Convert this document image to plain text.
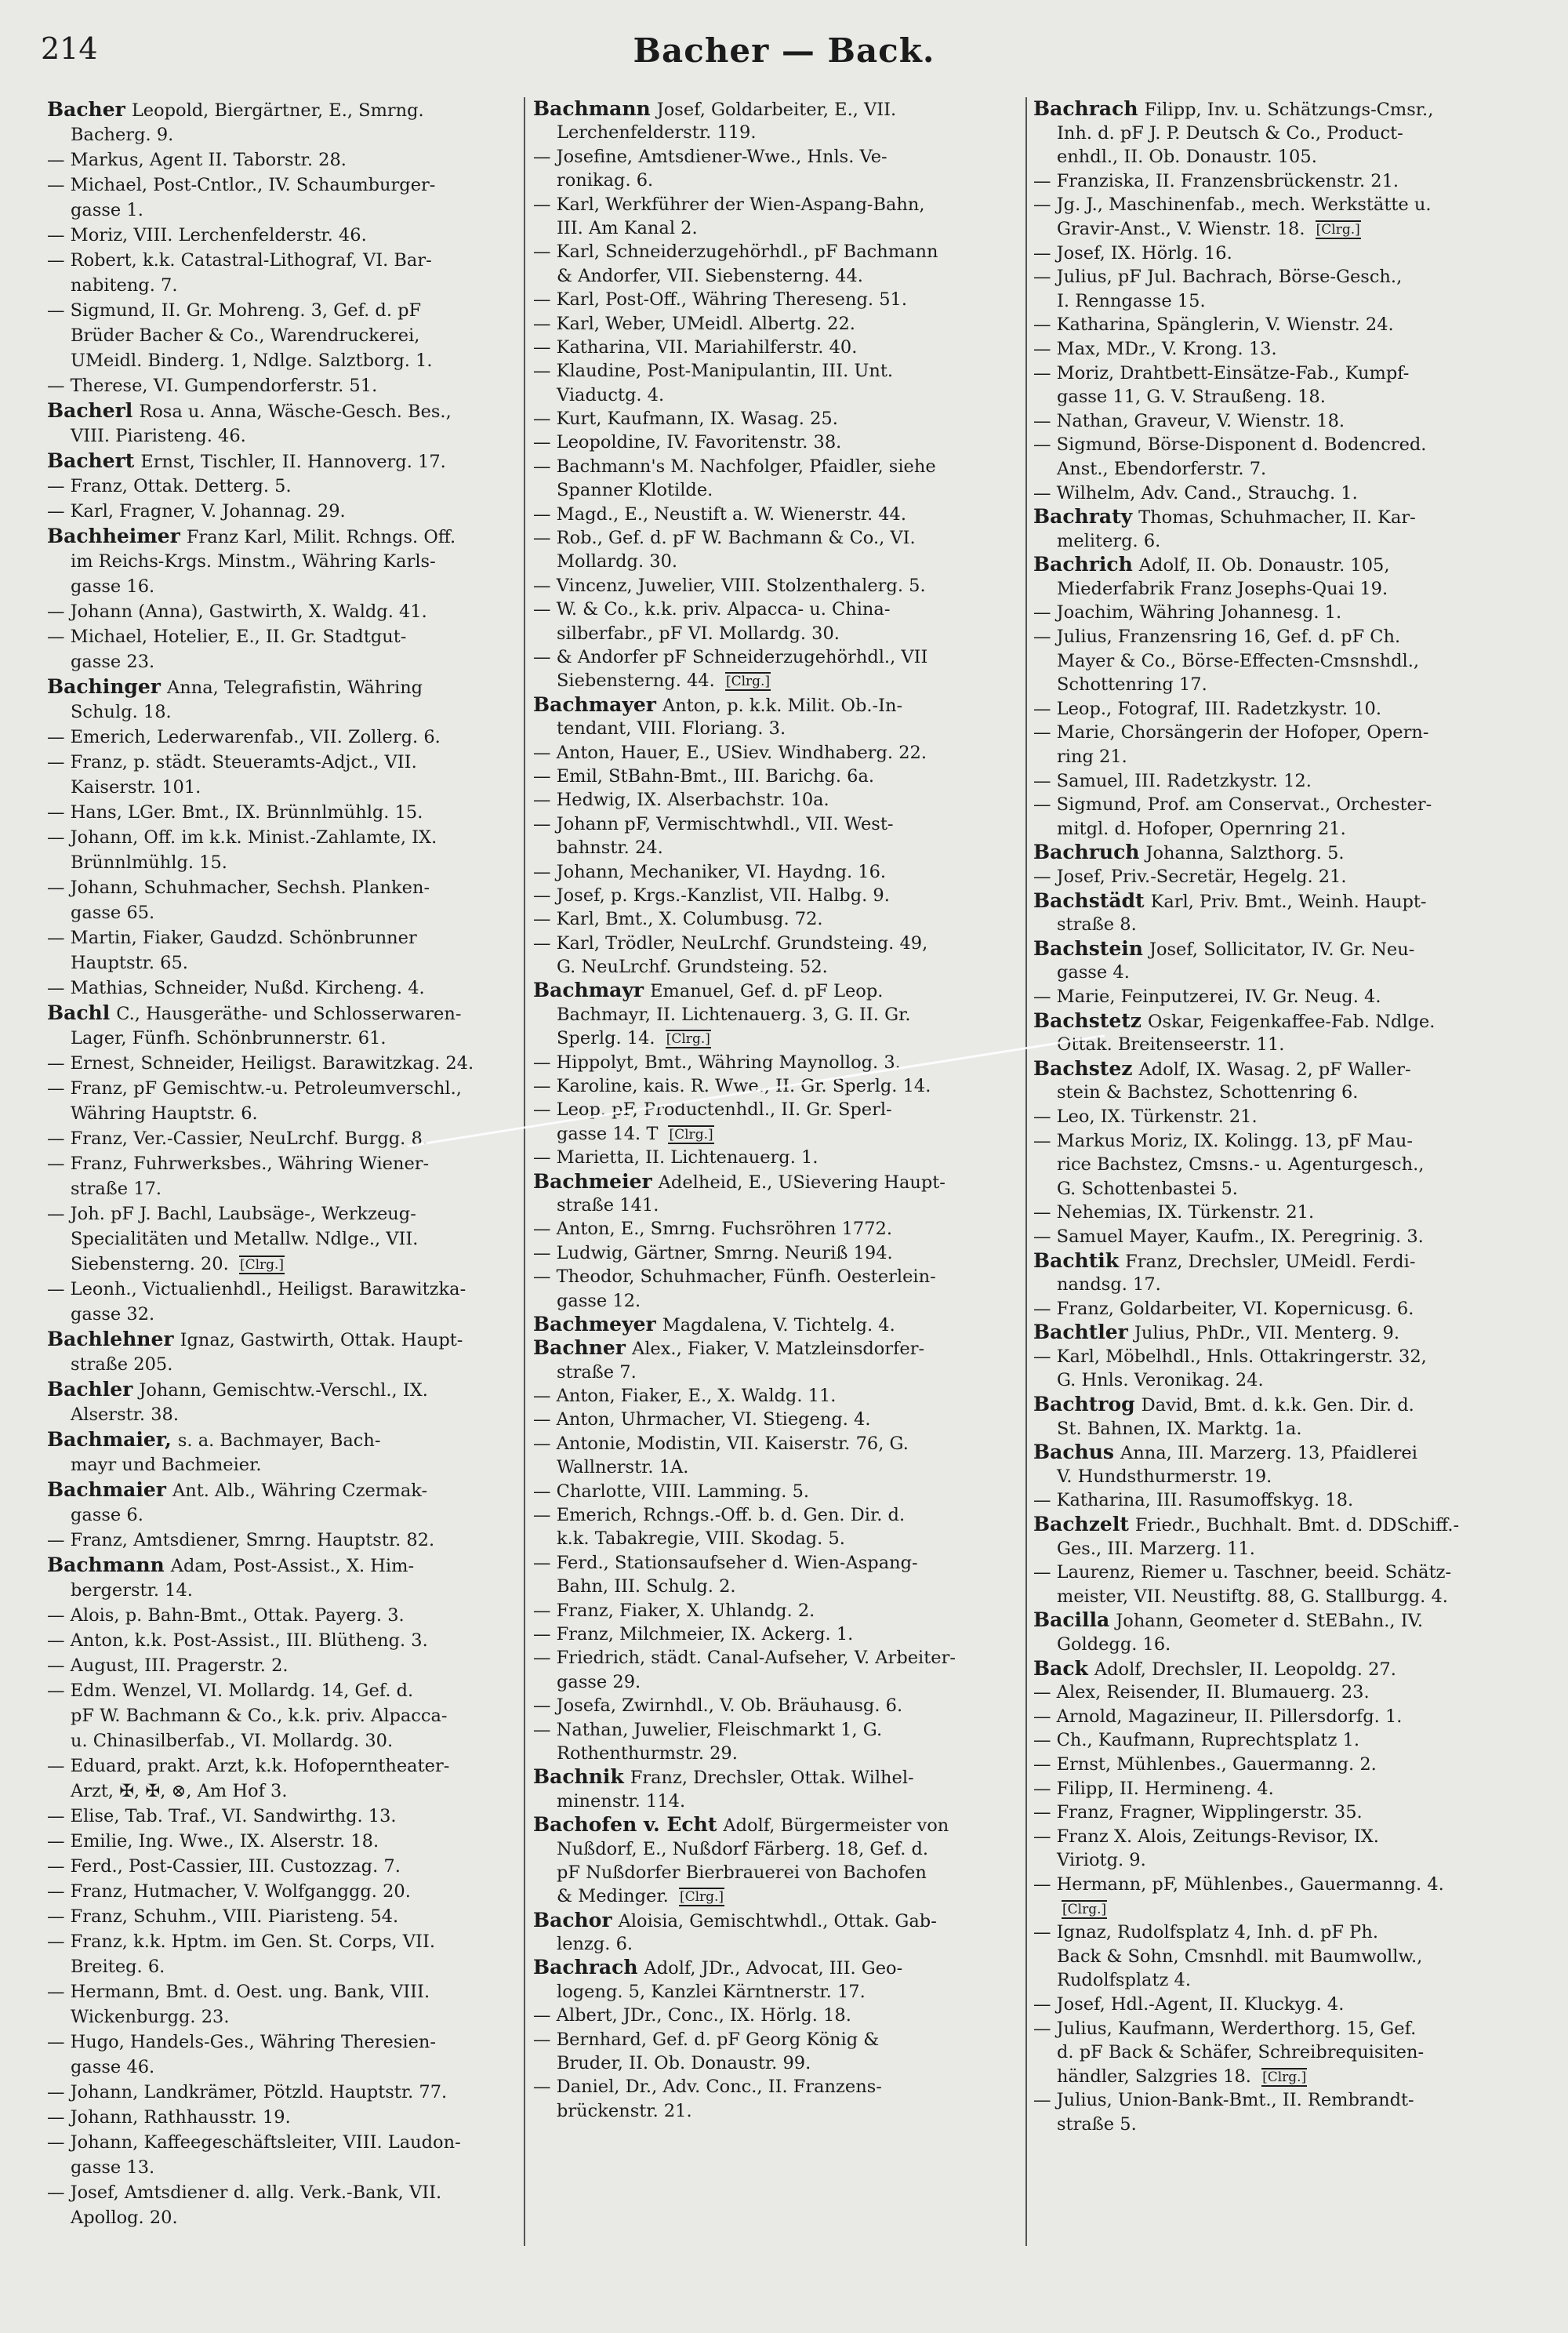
214	Bacher — Back.
Bacher Leopold, Biergärtner, E., Smrng.
Bacherg. 9.
— Markus, Agent II. Taborstr. 28.
— Michael, Post-Cntlor., IV. Schaumburger-
gasse 1.
— Moriz, VIII. Lerchenfelderstr. 46.
— Robert, k.k. Catastral-Lithograf, VI. Bar-
nabiteng. 7.
— Sigmund, II. Gr. Mohreng. 3, Gef. d. pF
Brüder Bacher & Co., Warendruckerei,
UMeidl. Binderg. 1, Ndlge. Salztborg. 1.
— Therese, VI. Gumpendorferstr. 51.
Bacherl Rosa u. Anna, Wäsche-Gesch. Bes.,
VIII. Piaristeng. 46.
Bachert Ernst, Tischler, II. Hannoverg. 17.
— Franz, Ottak. Detterg. 5.
— Karl, Fragner, V. Johannag. 29.
Bachheimer Franz Karl, Milit. Rchngs. Off.
im Reichs-Krgs. Minstm., Währing Karls-
gasse 16.
— Johann (Anna), Gastwirth, X. Waldg. 41.
— Michael, Hotelier, E., II. Gr. Stadtgut-
gasse 23.
Bachinger Anna, Telegrafistin, Währing
Schulg. 18.
— Emerich, Lederwarenfab., VII. Zollerg. 6.
— Franz, p. städt. Steueramts-Adjct., VII.
Kaiserstr. 101.
— Hans, LGer. Bmt., IX. Brünnlmühlg. 15.
— Johann, Off. im k.k. Minist.-Zahlamte, IX.
Brünnlmühlg. 15.
— Johann, Schuhmacher, Sechsh. Planken-
gasse 65.
— Martin, Fiaker, Gaudzd. Schönbrunner
Hauptstr. 65.
— Mathias, Schneider, Nußd. Kircheng. 4.
Bachl C., Hausgeräthe- und Schlosserwaren-
Lager, Fünfh. Schönbrunnerstr. 61.
— Ernest, Schneider, Heiligst. Barawitzkag. 24.
— Franz, pF Gemischtw.-u. Petroleumverschl.,
Währing Hauptstr. 6.
— Franz, Ver.-Cassier, NeuLrchf. Burgg. 8.
— Franz, Fuhrwerksbes., Währing Wiener-
straße 17.
— Joh. pF J. Bachl, Laubsäge-, Werkzeug-
Specialitäten und Metallw. Ndlge., VII.
Siebensterng. 20. [Clrg.]
— Leonh., Victualienhdl., Heiligst. Barawitzka-
gasse 32.
Bachlehner Ignaz, Gastwirth, Ottak. Haupt-
straße 205.
Bachler Johann, Gemischtw.-Verschl., IX.
Alserstr. 38.
Bachmaier, s. a. Bachmayer, Bach-
mayr und Bachmeier.
Bachmaier Ant. Alb., Währing Czermak-
gasse 6.
— Franz, Amtsdiener, Smrng. Hauptstr. 82.
Bachmann Adam, Post-Assist., X. Him-
bergerstr. 14.
— Alois, p. Bahn-Bmt., Ottak. Payerg. 3.
— Anton, k.k. Post-Assist., III. Blütheng. 3.
— August, III. Pragerstr. 2.
— Edm. Wenzel, VI. Mollardg. 14, Gef. d.
pF W. Bachmann & Co., k.k. priv. Alpacca-
u. Chinasilberfab., VI. Mollardg. 30.
— Eduard, prakt. Arzt, k.k. Hofoperntheater-
Arzt, ✠, ✠, ⊗, Am Hof 3.
— Elise, Tab. Traf., VI. Sandwirthg. 13.
— Emilie, Ing. Wwe., IX. Alserstr. 18.
— Ferd., Post-Cassier, III. Custozzag. 7.
— Franz, Hutmacher, V. Wolfganggg. 20.
— Franz, Schuhm., VIII. Piaristeng. 54.
— Franz, k.k. Hptm. im Gen. St. Corps, VII.
Breiteg. 6.
— Hermann, Bmt. d. Oest. ung. Bank, VIII.
Wickenburgg. 23.
— Hugo, Handels-Ges., Währing Theresien-
gasse 46.
— Johann, Landkrämer, Pötzld. Hauptstr. 77.
— Johann, Rathhausstr. 19.
— Johann, Kaffeegeschäftsleiter, VIII. Laudon-
gasse 13.
— Josef, Amtsdiener d. allg. Verk.-Bank, VII.
Apollog. 20.
Bachmann Josef, Goldarbeiter, E., VII.
Lerchenfelderstr. 119.
— Josefine, Amtsdiener-Wwe., Hnls. Ve-
ronikag. 6.
— Karl, Werkführer der Wien-Aspang-Bahn,
III. Am Kanal 2.
— Karl, Schneiderzugehörhdl., pF Bachmann
& Andorfer, VII. Siebensterng. 44.
— Karl, Post-Off., Währing Thereseng. 51.
— Karl, Weber, UMeidl. Albertg. 22.
— Katharina, VII. Mariahilferstr. 40.
— Klaudine, Post-Manipulantin, III. Unt.
Viaductg. 4.
— Kurt, Kaufmann, IX. Wasag. 25.
— Leopoldine, IV. Favoritenstr. 38.
— Bachmann's M. Nachfolger, Pfaidler, siehe
Spanner Klotilde.
— Magd., E., Neustift a. W. Wienerstr. 44.
— Rob., Gef. d. pF W. Bachmann & Co., VI.
Mollardg. 30.
— Vincenz, Juwelier, VIII. Stolzenthalerg. 5.
— W. & Co., k.k. priv. Alpacca- u. China-
silberfabr., pF VI. Mollardg. 30.
— & Andorfer pF Schneiderzugehörhdl., VII
Siebensterng. 44. [Clrg.]
Bachmayer Anton, p. k.k. Milit. Ob.-In-
tendant, VIII. Floriang. 3.
— Anton, Hauer, E., USiev. Windhaberg. 22.
— Emil, StBahn-Bmt., III. Barichg. 6a.
— Hedwig, IX. Alserbachstr. 10a.
— Johann pF, Vermischtwhdl., VII. West-
bahnstr. 24.
— Johann, Mechaniker, VI. Haydng. 16.
— Josef, p. Krgs.-Kanzlist, VII. Halbg. 9.
— Karl, Bmt., X. Columbusg. 72.
— Karl, Trödler, NeuLrchf. Grundsteing. 49,
G. NeuLrchf. Grundsteing. 52.
Bachmayr Emanuel, Gef. d. pF Leop.
Bachmayr, II. Lichtenauerg. 3, G. II. Gr.
Sperlg. 14. [Clrg.]
— Hippolyt, Bmt., Währing Maynollog. 3.
— Karoline, kais. R. Wwe., II. Gr. Sperlg. 14.
— Leop. pF, Productenhdl., II. Gr. Sperl-
gasse 14. T [Clrg.]
— Marietta, II. Lichtenauerg. 1.
Bachmeier Adelheid, E., USievering Haupt-
straße 141.
— Anton, E., Smrng. Fuchsröhren 1772.
— Ludwig, Gärtner, Smrng. Neuriß 194.
— Theodor, Schuhmacher, Fünfh. Oesterlein-
gasse 12.
Bachmeyer Magdalena, V. Tichtelg. 4.
Bachner Alex., Fiaker, V. Matzleinsdorfer-
straße 7.
— Anton, Fiaker, E., X. Waldg. 11.
— Anton, Uhrmacher, VI. Stiegeng. 4.
— Antonie, Modistin, VII. Kaiserstr. 76, G.
Wallnerstr. 1A.
— Charlotte, VIII. Lamming. 5.
— Emerich, Rchngs.-Off. b. d. Gen. Dir. d.
k.k. Tabakregie, VIII. Skodag. 5.
— Ferd., Stationsaufseher d. Wien-Aspang-
Bahn, III. Schulg. 2.
— Franz, Fiaker, X. Uhlandg. 2.
— Franz, Milchmeier, IX. Ackerg. 1.
— Friedrich, städt. Canal-Aufseher, V. Arbeiter-
gasse 29.
— Josefa, Zwirnhdl., V. Ob. Bräuhausg. 6.
— Nathan, Juwelier, Fleischmarkt 1, G.
Rothenthurmstr. 29.
Bachnik Franz, Drechsler, Ottak. Wilhel-
minenstr. 114.
Bachofen v. Echt Adolf, Bürgermeister von
Nußdorf, E., Nußdorf Färberg. 18, Gef. d.
pF Nußdorfer Bierbrauerei von Bachofen
& Medinger. [Clrg.]
Bachor Aloisia, Gemischtwhdl., Ottak. Gab-
lenzg. 6.
Bachrach Adolf, JDr., Advocat, III. Geo-
logeng. 5, Kanzlei Kärntnerstr. 17.
— Albert, JDr., Conc., IX. Hörlg. 18.
— Bernhard, Gef. d. pF Georg König &
Bruder, II. Ob. Donaustr. 99.
— Daniel, Dr., Adv. Conc., II. Franzens-
brückenstr. 21.
Bachrach Filipp, Inv. u. Schätzungs-Cmsr.,
Inh. d. pF J. P. Deutsch & Co., Product-
enhdl., II. Ob. Donaustr. 105.
— Franziska, II. Franzensbrückenstr. 21.
— Jg. J., Maschinenfab., mech. Werkstätte u.
Gravir-Anst., V. Wienstr. 18. [Clrg.]
— Josef, IX. Hörlg. 16.
— Julius, pF Jul. Bachrach, Börse-Gesch.,
I. Renngasse 15.
— Katharina, Spänglerin, V. Wienstr. 24.
— Max, MDr., V. Krong. 13.
— Moriz, Drahtbett-Einsätze-Fab., Kumpf-
gasse 11, G. V. Straußeng. 18.
— Nathan, Graveur, V. Wienstr. 18.
— Sigmund, Börse-Disponent d. Bodencred.
Anst., Ebendorferstr. 7.
— Wilhelm, Adv. Cand., Strauchg. 1.
Bachraty Thomas, Schuhmacher, II. Kar-
meliterg. 6.
Bachrich Adolf, II. Ob. Donaustr. 105,
Miederfabrik Franz Josephs-Quai 19.
— Joachim, Währing Johannesg. 1.
— Julius, Franzensring 16, Gef. d. pF Ch.
Mayer & Co., Börse-Effecten-Cmsnshdl.,
Schottenring 17.
— Leop., Fotograf, III. Radetzkystr. 10.
— Marie, Chorsängerin der Hofoper, Opern-
ring 21.
— Samuel, III. Radetzkystr. 12.
— Sigmund, Prof. am Conservat., Orchester-
mitgl. d. Hofoper, Opernring 21.
Bachruch Johanna, Salzthorg. 5.
— Josef, Priv.-Secretär, Hegelg. 21.
Bachstädt Karl, Priv. Bmt., Weinh. Haupt-
straße 8.
Bachstein Josef, Sollicitator, IV. Gr. Neu-
gasse 4.
— Marie, Feinputzerei, IV. Gr. Neug. 4.
Bachstetz Oskar, Feigenkaffee-Fab. Ndlge.
Ottak. Breitenseerstr. 11.
Bachstez Adolf, IX. Wasag. 2, pF Waller-
stein & Bachstez, Schottenring 6.
— Leo, IX. Türkenstr. 21.
— Markus Moriz, IX. Kolingg. 13, pF Mau-
rice Bachstez, Cmsns.- u. Agenturgesch.,
G. Schottenbastei 5.
— Nehemias, IX. Türkenstr. 21.
— Samuel Mayer, Kaufm., IX. Peregrinig. 3.
Bachtik Franz, Drechsler, UMeidl. Ferdi-
nandsg. 17.
— Franz, Goldarbeiter, VI. Kopernicusg. 6.
Bachtler Julius, PhDr., VII. Menterg. 9.
— Karl, Möbelhdl., Hnls. Ottakringerstr. 32,
G. Hnls. Veronikag. 24.
Bachtrog David, Bmt. d. k.k. Gen. Dir. d.
St. Bahnen, IX. Marktg. 1a.
Bachus Anna, III. Marzerg. 13, Pfaidlerei
V. Hundsthurmerstr. 19.
— Katharina, III. Rasumoffskyg. 18.
Bachzelt Friedr., Buchhalt. Bmt. d. DDSchiff.-
Ges., III. Marzerg. 11.
— Laurenz, Riemer u. Taschner, beeid. Schätz-
meister, VII. Neustiftg. 88, G. Stallburgg. 4.
Bacilla Johann, Geometer d. StEBahn., IV.
Goldegg. 16.
Back Adolf, Drechsler, II. Leopoldg. 27.
— Alex, Reisender, II. Blumauerg. 23.
— Arnold, Magazineur, II. Pillersdorfg. 1.
— Ch., Kaufmann, Ruprechtsplatz 1.
— Ernst, Mühlenbes., Gauermanng. 2.
— Filipp, II. Hermineng. 4.
— Franz, Fragner, Wipplingerstr. 35.
— Franz X. Alois, Zeitungs-Revisor, IX.
Viriotg. 9.
— Hermann, pF, Mühlenbes., Gauermanng. 4.
[Clrg.]
— Ignaz, Rudolfsplatz 4, Inh. d. pF Ph.
Back & Sohn, Cmsnhdl. mit Baumwollw.,
Rudolfsplatz 4.
— Josef, Hdl.-Agent, II. Kluckyg. 4.
— Julius, Kaufmann, Werderthorg. 15, Gef.
d. pF Back & Schäfer, Schreibrequisiten-
händler, Salzgries 18. [Clrg.]
— Julius, Union-Bank-Bmt., II. Rembrandt-
straße 5.
